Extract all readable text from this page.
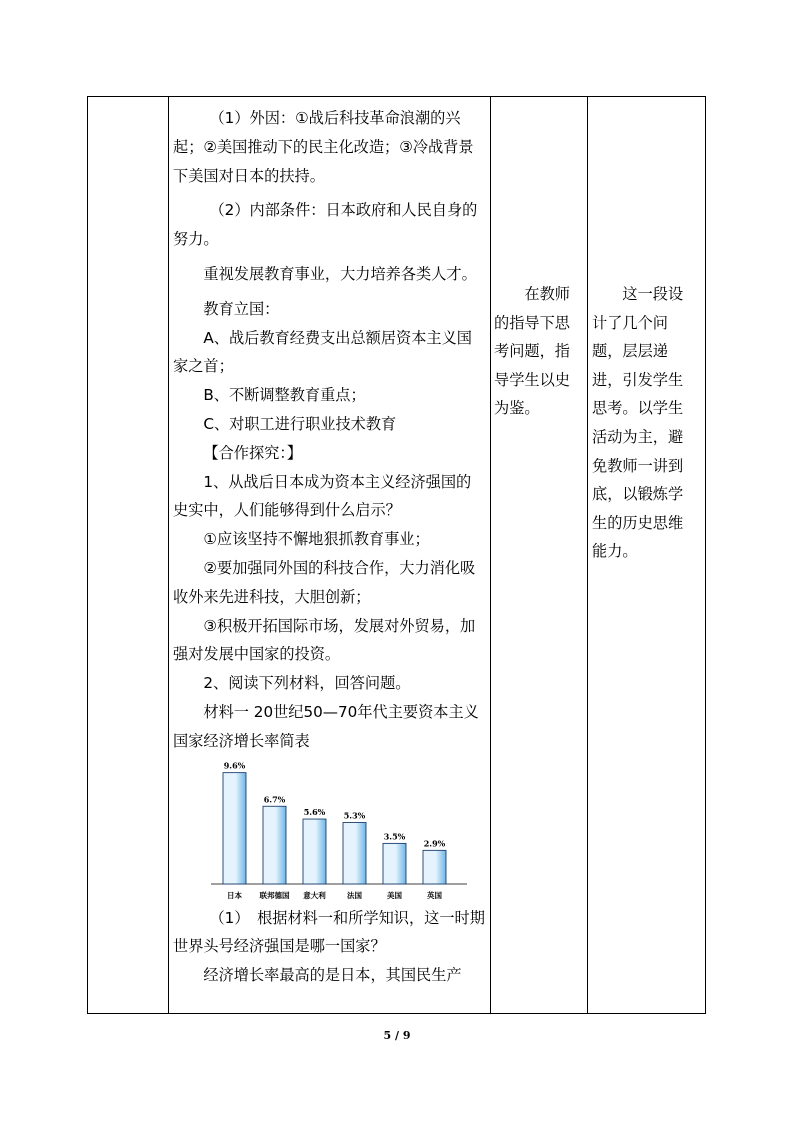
（1）外因：①战后科技革命浪潮的兴起；②美国推动下的民主化改造；③冷战背景下美国对日本的扶持。

（2）内部条件：日本政府和人民自身的努力。

重视发展教育事业，大力培养各类人才。

教育立国：

A、战后教育经费支出总额居资本主义国家之首；

B、不断调整教育重点；

C、对职工进行职业技术教育

【合作探究：】

1、从战后日本成为资本主义经济强国的史实中，人们能够得到什么启示？

①应该坚持不懈地狠抓教育事业；

②要加强同外国的科技合作，大力消化吸收外来先进科技，大胆创新；

③积极开拓国际市场，发展对外贸易，加强对发展中国家的投资。

2、阅读下列材料，回答问题。

材料一 20世纪50—70年代主要资本主义国家经济增长率简表

9.6%
日本
6.7%
联邦德国
5.6%
意大利
5.3%
法国
3.5%
美国
2.9%
英国

（1）　根据材料一和所学知识，这一时期世界头号经济强国是哪一国家？

经济增长率最高的是日本，其国民生产

在教师的指导下思考问题，指导学生以史为鉴。
这一段设计了几个问题，层层递进，引发学生思考。以学生活动为主，避免教师一讲到底，以锻炼学生的历史思维能力。
5 / 9
